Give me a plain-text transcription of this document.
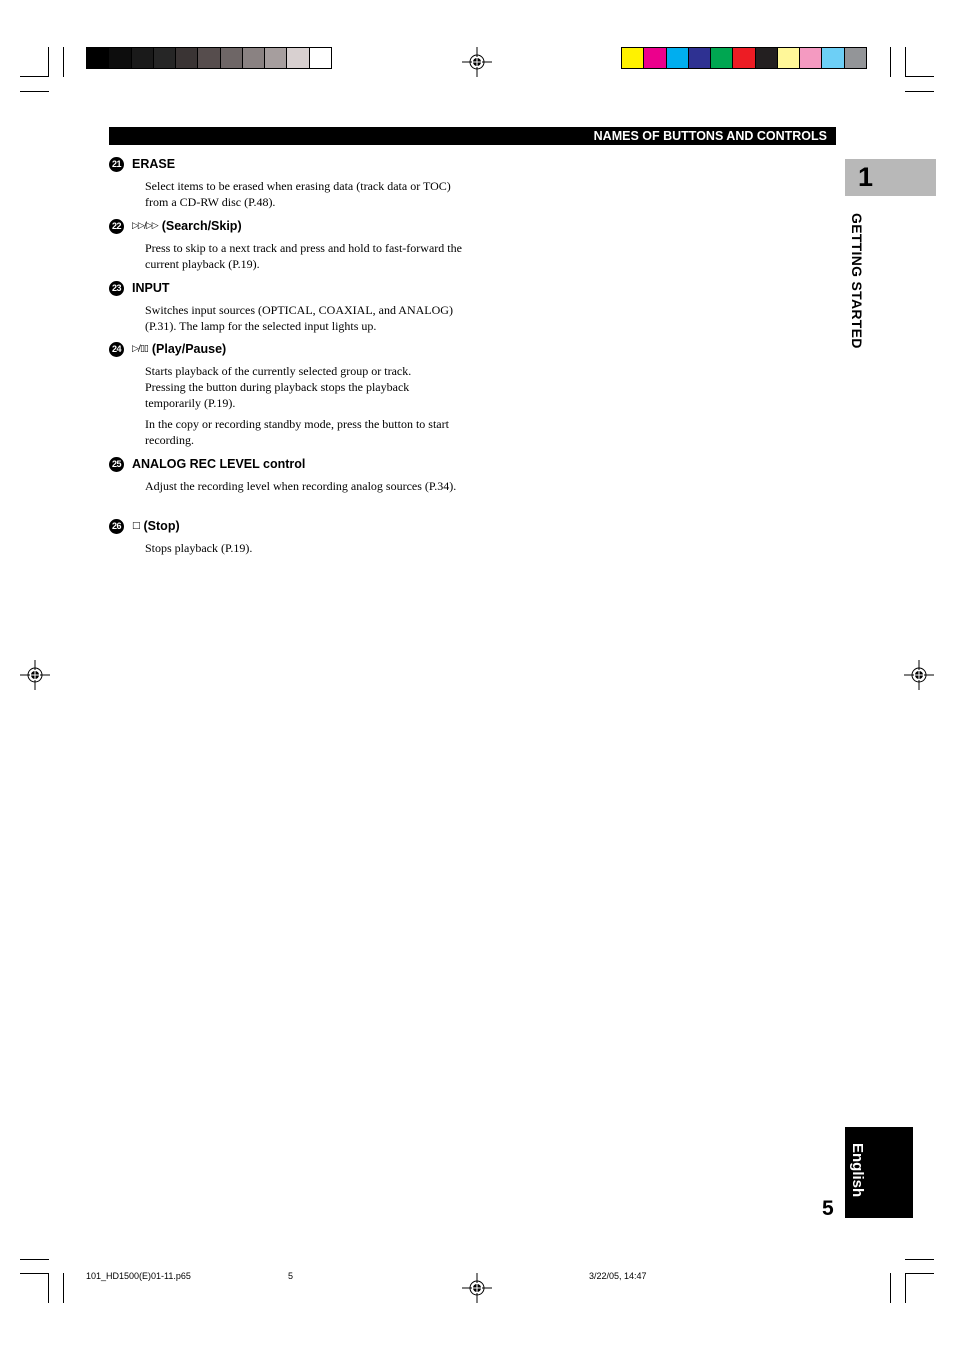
NAMES OF BUTTONS AND CONTROLS
21 ERASE
Select items to be erased when erasing data (track data or TOC) from a CD-RW disc (P.48).
22	▷▷/▷▷ (Search/Skip)
Press to skip to a next track and press and hold to fast-forward the current playback (P.19).
23 INPUT
Switches input sources (OPTICAL, COAXIAL, and ANALOG) (P.31). The lamp for the selected input lights up.
24	▷/▯▯ (Play/Pause)
Starts playback of the currently selected group or track. Pressing the button during playback stops the playback temporarily (P.19).
In the copy or recording standby mode, press the button to start recording.
25 ANALOG REC LEVEL control
Adjust the recording level when recording analog sources (P.34).
26	□ (Stop)
Stops playback (P.19).
1
GETTING STARTED
English
5
101_HD1500(E)01-11.p65	5	3/22/05, 14:47
